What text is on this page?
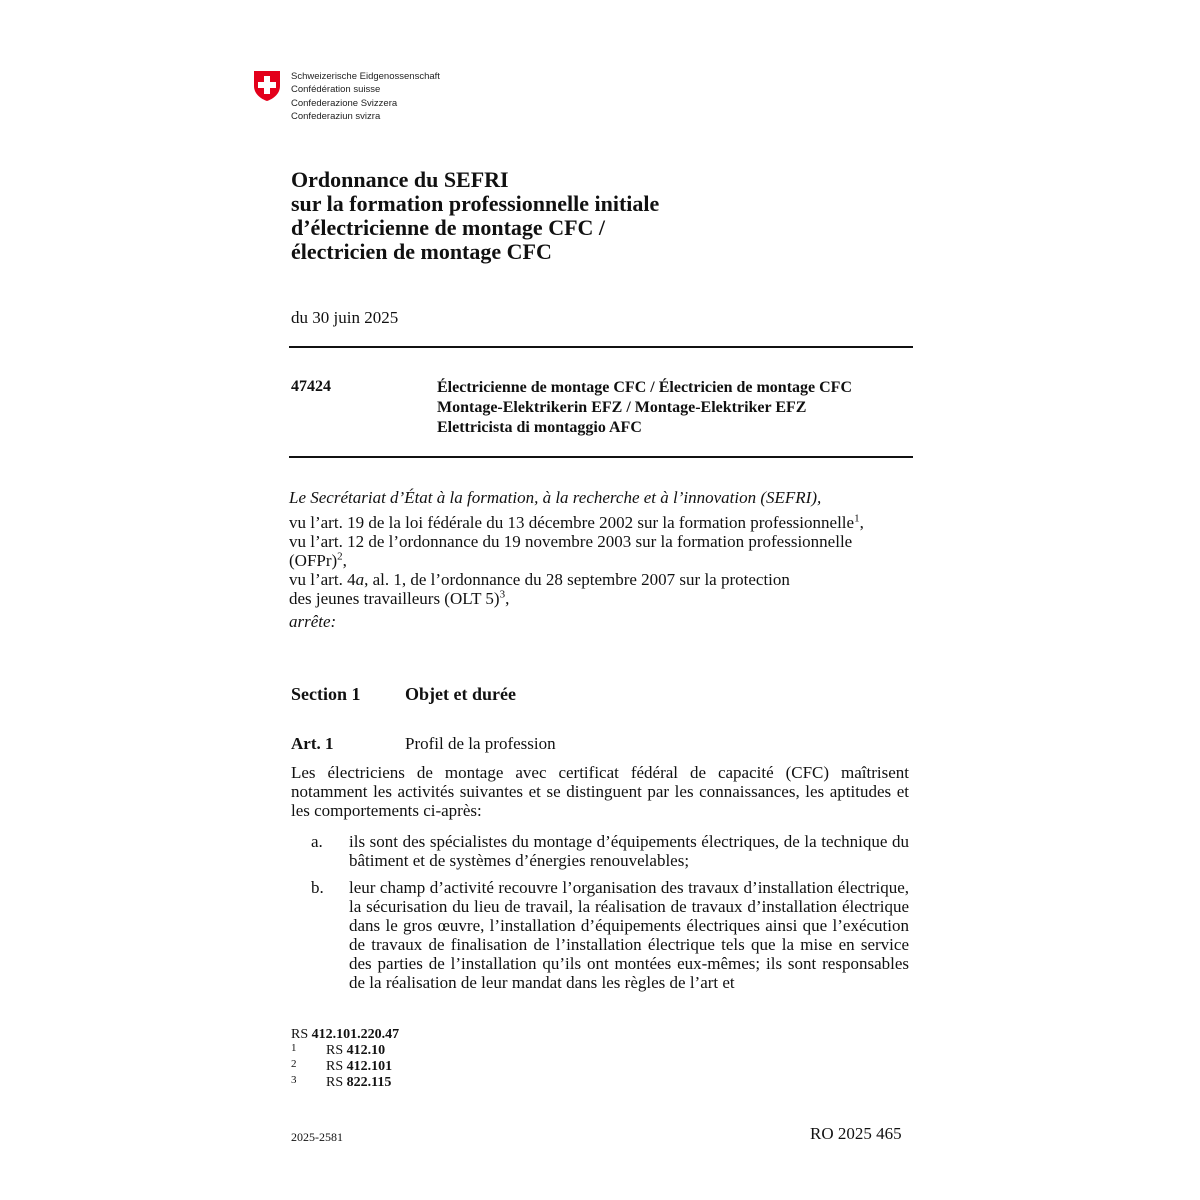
Schweizerische Eidgenossenschaft
Confédération suisse
Confederazione Svizzera
Confederaziun svizra
Ordonnance du SEFRI
sur la formation professionnelle initiale
d’électricienne de montage CFC /
électricien de montage CFC
du 30 juin 2025
47424	Électricienne de montage CFC / Électricien de montage CFC
Montage-Elektrikerin EFZ / Montage-Elektriker EFZ
Elettricista di montaggio AFC
Le Secrétariat d’État à la formation, à la recherche et à l’innovation (SEFRI),
vu l’art. 19 de la loi fédérale du 13 décembre 2002 sur la formation professionnelle$^1$,
vu l’art. 12 de l’ordonnance du 19 novembre 2003 sur la formation professionnelle
(OFPr)$^2$,
vu l’art. 4a, al. 1, de l’ordonnance du 28 septembre 2007 sur la protection
des jeunes travailleurs (OLT 5)$^3$,
arrête:
Section 1 Objet et durée
Art. 1	Profil de la profession
Les électriciens de montage avec certificat fédéral de capacité (CFC) maîtrisent notamment les activités suivantes et se distinguent par les connaissances, les aptitudes et les comportements ci-après:
a.	ils sont des spécialistes du montage d’équipements électriques, de la technique du bâtiment et de systèmes d’énergies renouvelables;
b.	leur champ d’activité recouvre l’organisation des travaux d’installation électrique, la sécurisation du lieu de travail, la réalisation de travaux d’installation électrique dans le gros œuvre, l’installation d’équipements électriques ainsi que l’exécution de travaux de finalisation de l’installation électrique tels que la mise en service des parties de l’installation qu’ils ont montées eux-mêmes; ils sont responsables de la réalisation de leur mandat dans les règles de l’art et
RS 412.101.220.47
1	RS 412.10
2	RS 412.101
3	RS 822.115
2025-2581	RO 2025 465
